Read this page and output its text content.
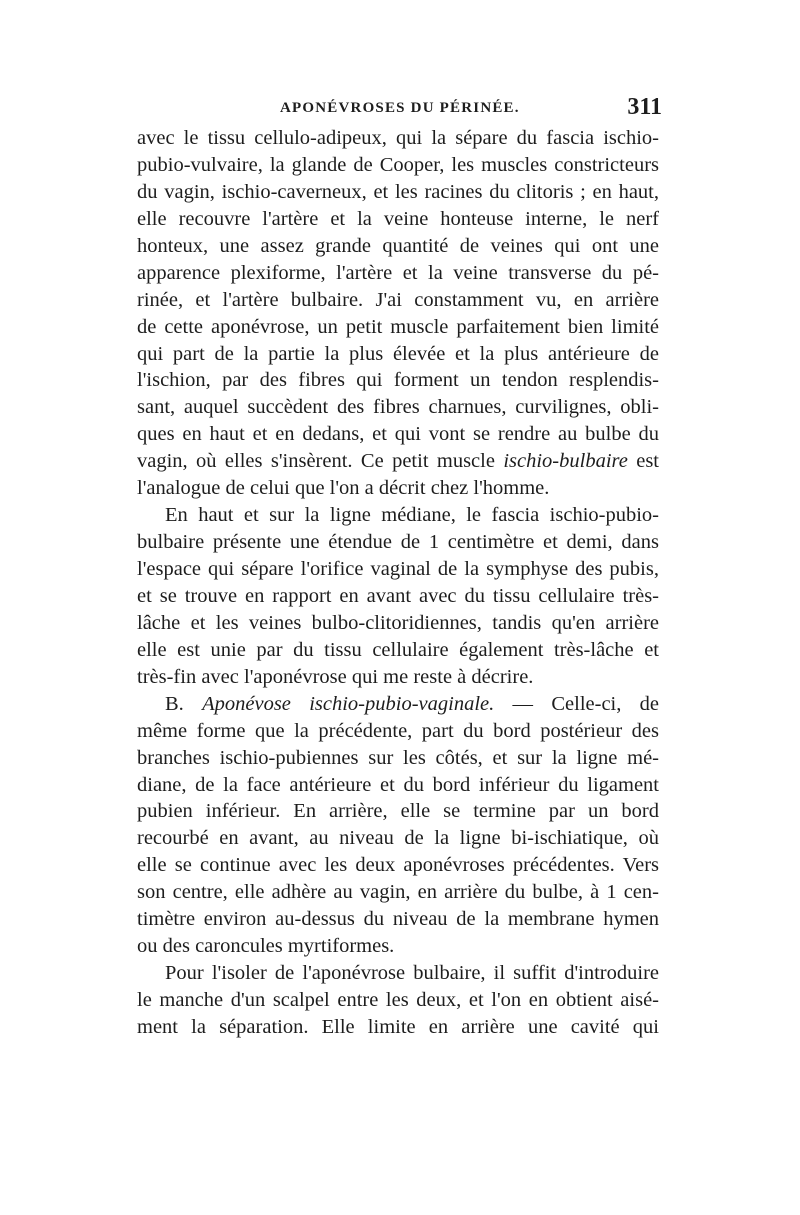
APONÉVROSES DU PÉRINÉE.	311
avec le tissu cellulo-adipeux, qui la sépare du fascia ischio-
pubio-vulvaire, la glande de Cooper, les muscles constricteurs
du vagin, ischio-caverneux, et les racines du clitoris ; en haut,
elle recouvre l'artère et la veine honteuse interne, le nerf
honteux, une assez grande quantité de veines qui ont une
apparence plexiforme, l'artère et la veine transverse du pé-
rinée, et l'artère bulbaire. J'ai constamment vu, en arrière
de cette aponévrose, un petit muscle parfaitement bien limité
qui part de la partie la plus élevée et la plus antérieure de
l'ischion, par des fibres qui forment un tendon resplendis-
sant, auquel succèdent des fibres charnues, curvilignes, obli-
ques en haut et en dedans, et qui vont se rendre au bulbe du
vagin, où elles s'insèrent. Ce petit muscle ischio-bulbaire est
l'analogue de celui que l'on a décrit chez l'homme.
En haut et sur la ligne médiane, le fascia ischio-pubio-
bulbaire présente une étendue de 1 centimètre et demi, dans
l'espace qui sépare l'orifice vaginal de la symphyse des pubis,
et se trouve en rapport en avant avec du tissu cellulaire très-
lâche et les veines bulbo-clitoridiennes, tandis qu'en arrière
elle est unie par du tissu cellulaire également très-lâche et
très-fin avec l'aponévrose qui me reste à décrire.
B. Aponévose ischio-pubio-vaginale. — Celle-ci, de
même forme que la précédente, part du bord postérieur des
branches ischio-pubiennes sur les côtés, et sur la ligne mé-
diane, de la face antérieure et du bord inférieur du ligament
pubien inférieur. En arrière, elle se termine par un bord
recourbé en avant, au niveau de la ligne bi-ischiatique, où
elle se continue avec les deux aponévroses précédentes. Vers
son centre, elle adhère au vagin, en arrière du bulbe, à 1 cen-
timètre environ au-dessus du niveau de la membrane hymen
ou des caroncules myrtiformes.
Pour l'isoler de l'aponévrose bulbaire, il suffit d'introduire
le manche d'un scalpel entre les deux, et l'on en obtient aisé-
ment la séparation. Elle limite en arrière une cavité qui
